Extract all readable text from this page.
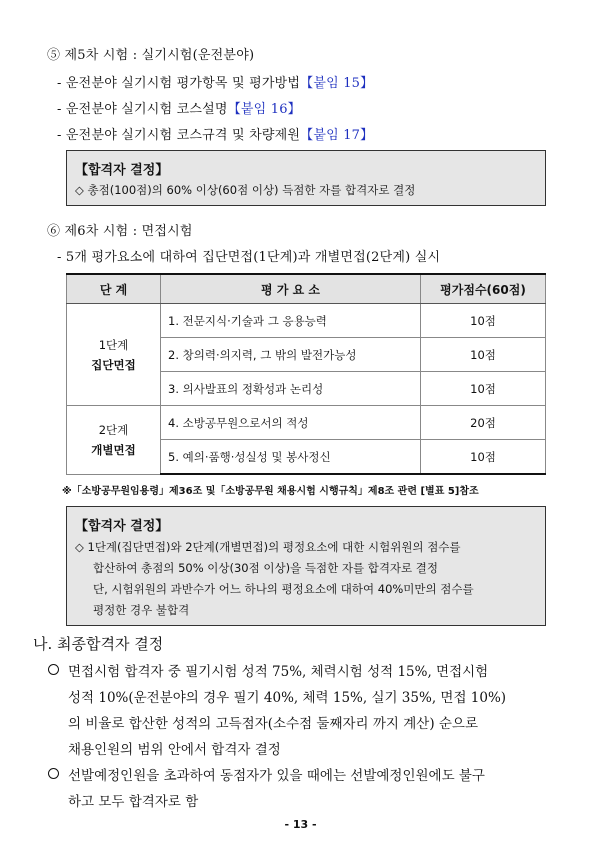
⑤ 제5차 시험 : 실기시험(운전분야)
- 운전분야 실기시험 평가항목 및 평가방법【붙임 15】
- 운전분야 실기시험 코스설명【붙임 16】
- 운전분야 실기시험 코스규격 및 차량제원【붙임 17】
【합격자 결정】
◇ 총점(100점)의 60% 이상(60점 이상) 득점한 자를 합격자로 결정
⑥ 제6차 시험 : 면접시험
- 5개 평가요소에 대하여 집단면접(1단계)과 개별면접(2단계) 실시
단 계	평 가 요 소	평가점수(60점)

1단계
집단면접	1. 전문지식·기술과 그 응용능력	10점
	2. 창의력·의지력, 그 밖의 발전가능성	10점
	3. 의사발표의 정확성과 논리성	10점

2단계
개별면접	4. 소방공무원으로서의 적성	20점
	5. 예의·품행·성실성 및 봉사정신	10점
※「소방공무원임용령」제36조 및「소방공무원 채용시험 시행규칙」제8조 관련 [별표 5]참조
【합격자 결정】
◇ 1단계(집단면접)와 2단계(개별면접)의 평정요소에 대한 시험위원의 점수를
합산하여 총점의 50% 이상(30점 이상)을 득점한 자를 합격자로 결정
단, 시험위원의 과반수가 어느 하나의 평정요소에 대하여 40%미만의 점수를
평정한 경우 불합격
나. 최종합격자 결정
면접시험 합격자 중 필기시험 성적 75%, 체력시험 성적 15%, 면접시험
성적 10%(운전분야의 경우 필기 40%, 체력 15%, 실기 35%, 면접 10%)
의 비율로 합산한 성적의 고득점자(소수점 둘째자리 까지 계산) 순으로
채용인원의 범위 안에서 합격자 결정
선발예정인원을 초과하여 동점자가 있을 때에는 선발예정인원에도 불구
하고 모두 합격자로 함
- 13 -
